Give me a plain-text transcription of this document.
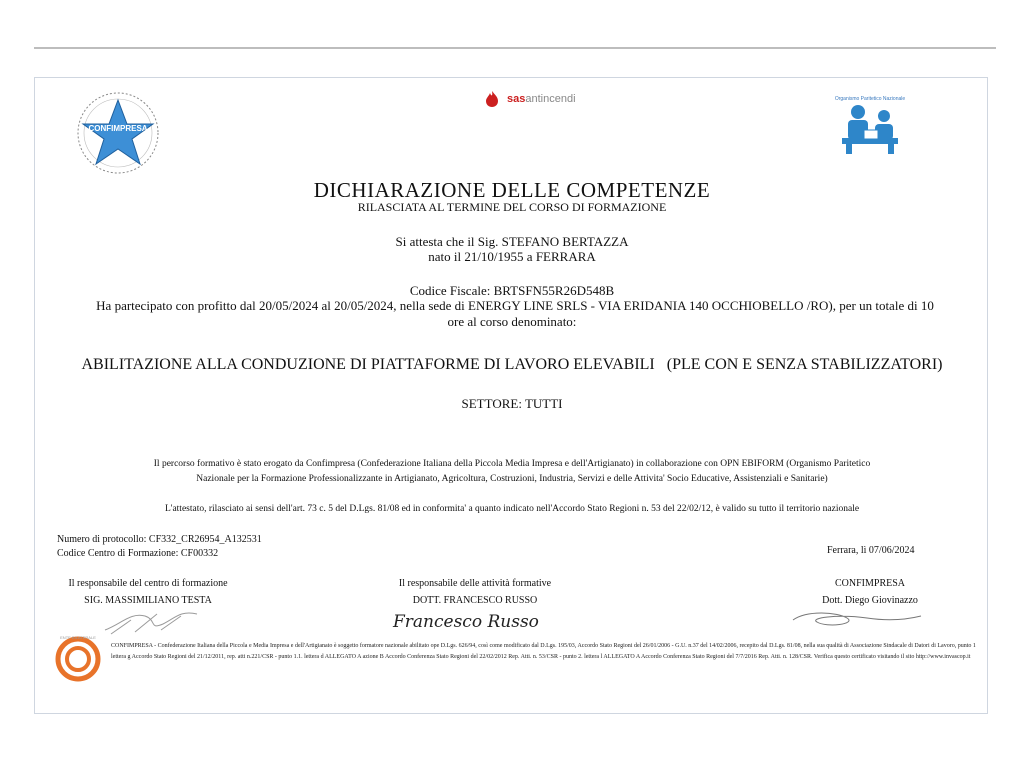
CONFIMPRESA
sasantincendi	Organismo Paritetico Nazionale
DICHIARAZIONE DELLE COMPETENZE
RILASCIATA AL TERMINE DEL CORSO DI FORMAZIONE
Si attesta che il Sig. STEFANO BERTAZZA
nato il 21/10/1955 a FERRARA
Codice Fiscale: BRTSFN55R26D548B
Ha partecipato con profitto dal 20/05/2024 al 20/05/2024, nella sede di ENERGY LINE SRLS - VIA ERIDANIA 140 OCCHIOBELLO /RO), per un totale di 10
ore al corso denominato:
ABILITAZIONE ALLA CONDUZIONE DI PIATTAFORME DI LAVORO ELEVABILI   (PLE CON E SENZA STABILIZZATORI)
SETTORE: TUTTI
Il percorso formativo è stato erogato da Confimpresa (Confederazione Italiana della Piccola Media Impresa e dell'Artigianato) in collaborazione con OPN EBIFORM (Organismo Paritetico
Nazionale per la Formazione Professionalizzante in Artigianato, Agricoltura, Costruzioni, Industria, Servizi e delle Attivita' Socio Educative, Assistenziali e Sanitarie)
L'attestato, rilasciato ai sensi dell'art. 73 c. 5 del D.Lgs. 81/08 ed in conformita' a quanto indicato nell'Accordo Stato Regioni n. 53 del 22/02/12, è valido su tutto il territorio nazionale
Numero di protocollo: CF332_CR26954_A132531
Codice Centro di Formazione: CF00332	Ferrara, lì 07/06/2024
Il responsabile del centro di formazione
SIG. MASSIMILIANO TESTA
Il responsabile delle attività formative
DOTT. FRANCESCO RUSSO
Francesco Russo
CONFIMPRESA
Dott. Diego Giovinazzo
ENTE BILATERALE
CONFIMPRESA - Confederazione Italiana della Piccola e Media Impresa e dell'Artigianato è soggetto formatore nazionale abilitato ope D.Lgs. 626/94, così come modificato dal D.Lgs. 195/03, Accordo Stato Regioni del 26/01/2006 - G.U. n.37 del 14/02/2006, recepito dal D.Lgs. 81/08, nella sua qualità di Associazione Sindacale di Datori di Lavoro, punto 1 lettera g Accordo Stato Regioni del 21/12/2011, rep. atti n.221/CSR - punto 1.1. lettera d ALLEGATO A azione B Accordo Conferenza Stato Regioni del 22/02/2012 Rep. Atti. n. 53/CSR - punto 2. lettera l ALLEGATO A Accordo Conferenza Stato Regioni del 7/7/2016 Rep. Atti. n. 128/CSR. Verifica questo certificato visitando il sito http://www.invascop.it
